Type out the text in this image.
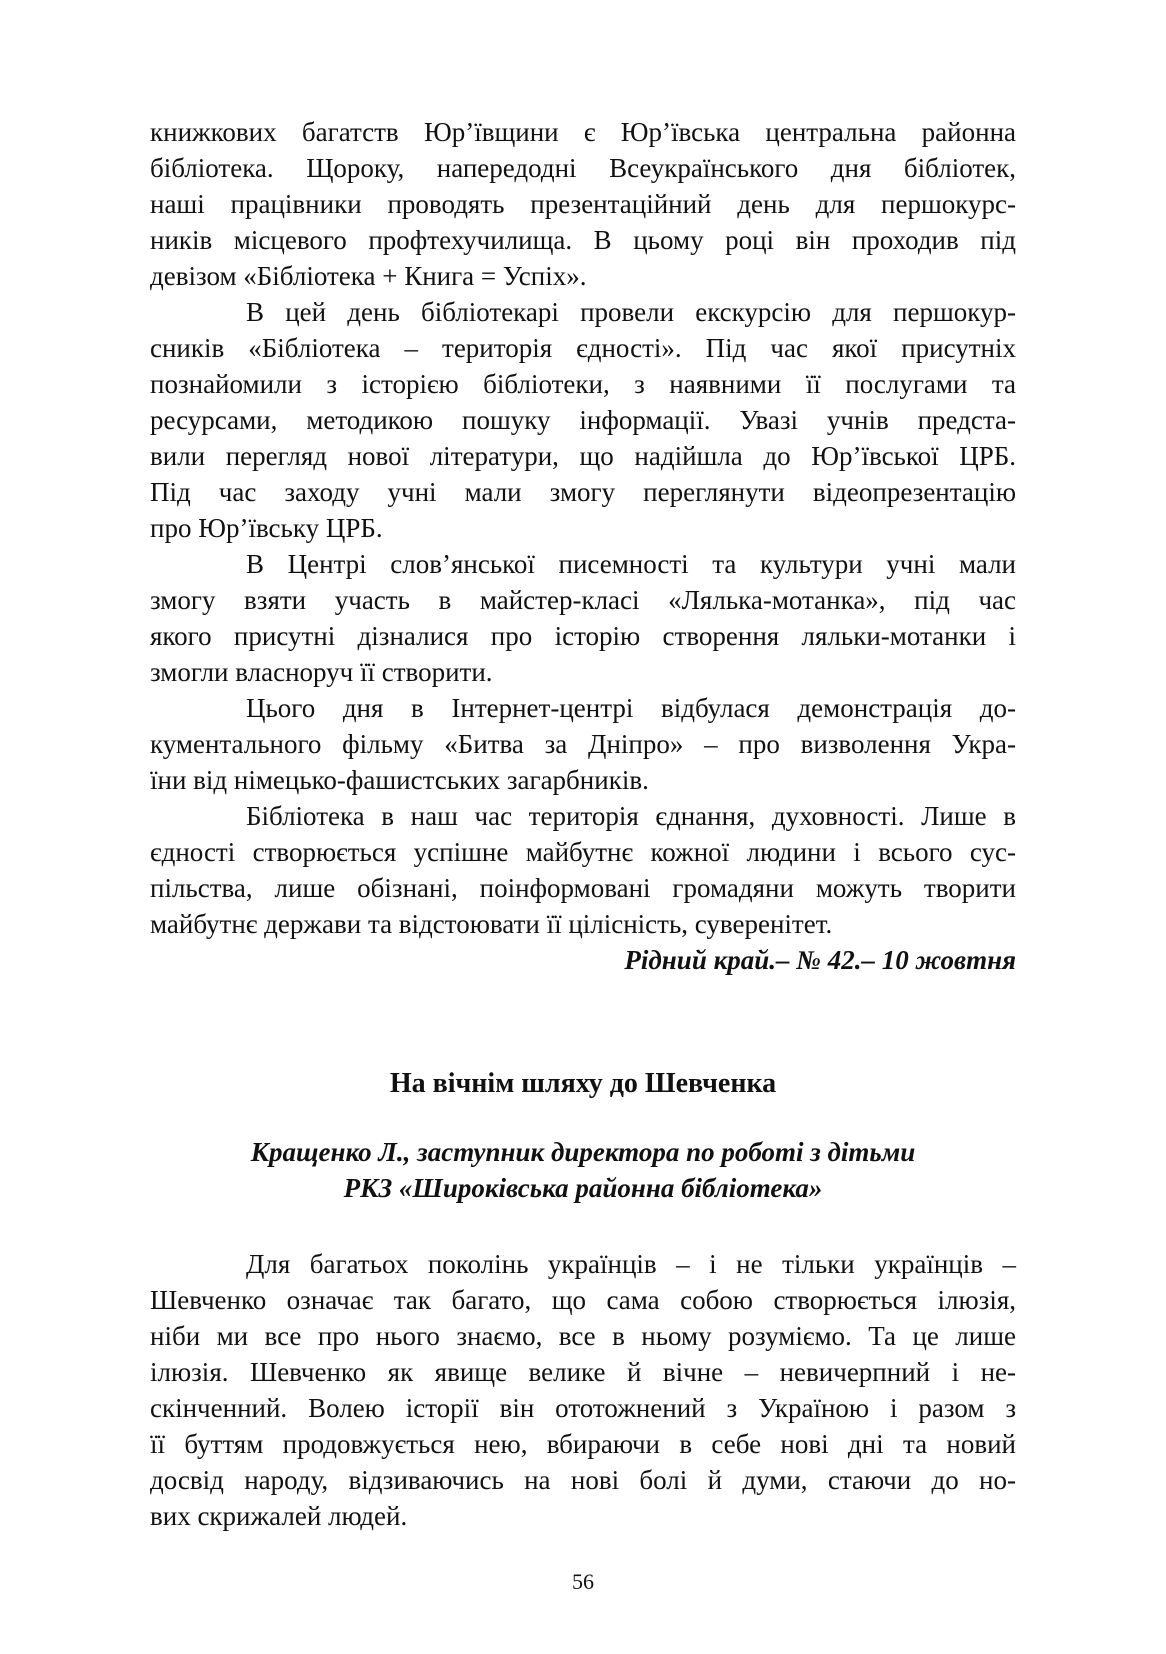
книжкових багатств Юр’ївщини є Юр’ївська центральна районна
бібліотека. Щороку, напередодні Всеукраїнського дня бібліотек,
наші працівники проводять презентаційний день для першокурс-
ників місцевого профтехучилища. В цьому році він проходив під
девізом «Бібліотека + Книга = Успіх».
В цей день бібліотекарі провели екскурсію для першокур-
сників «Бібліотека – територія єдності». Під час якої присутніх
познайомили з історією бібліотеки, з наявними її послугами та
ресурсами, методикою пошуку інформації. Увазі учнів предста-
вили перегляд нової літератури, що надійшла до Юр’ївської ЦРБ.
Під час заходу учні мали змогу переглянути відеопрезентацію
про Юр’ївську ЦРБ.
В Центрі слов’янської писемності та культури учні мали
змогу взяти участь в майстер-класі «Лялька-мотанка», під час
якого присутні дізналися про історію створення ляльки-мотанки і
змогли власноруч її створити.
Цього дня в Інтернет-центрі відбулася демонстрація до-
кументального фільму «Битва за Дніпро» – про визволення Укра-
їни від німецько-фашистських загарбників.
Бібліотека в наш час територія єднання, духовності. Лише в
єдності створюється успішне майбутнє кожної людини і всього сус-
пільства, лише обізнані, поінформовані громадяни можуть творити
майбутнє держави та відстоювати її цілісність, суверенітет.
Рідний край.– № 42.– 10 жовтня
На вічнім шляху до Шевченка
Кращенко Л., заступник директора по роботі з дітьми
РКЗ «Широківська районна бібліотека»
Для багатьох поколінь українців – і не тільки українців –
Шевченко означає так багато, що сама собою створюється ілюзія,
ніби ми все про нього знаємо, все в ньому розуміємо. Та це лише
ілюзія. Шевченко як явище велике й вічне – невичерпний і не-
скінченний. Волею історії він ототожнений з Україною і разом з
її буттям продовжується нею, вбираючи в себе нові дні та новий
досвід народу, відзиваючись на нові болі й думи, стаючи до но-
вих скрижалей людей.
56
